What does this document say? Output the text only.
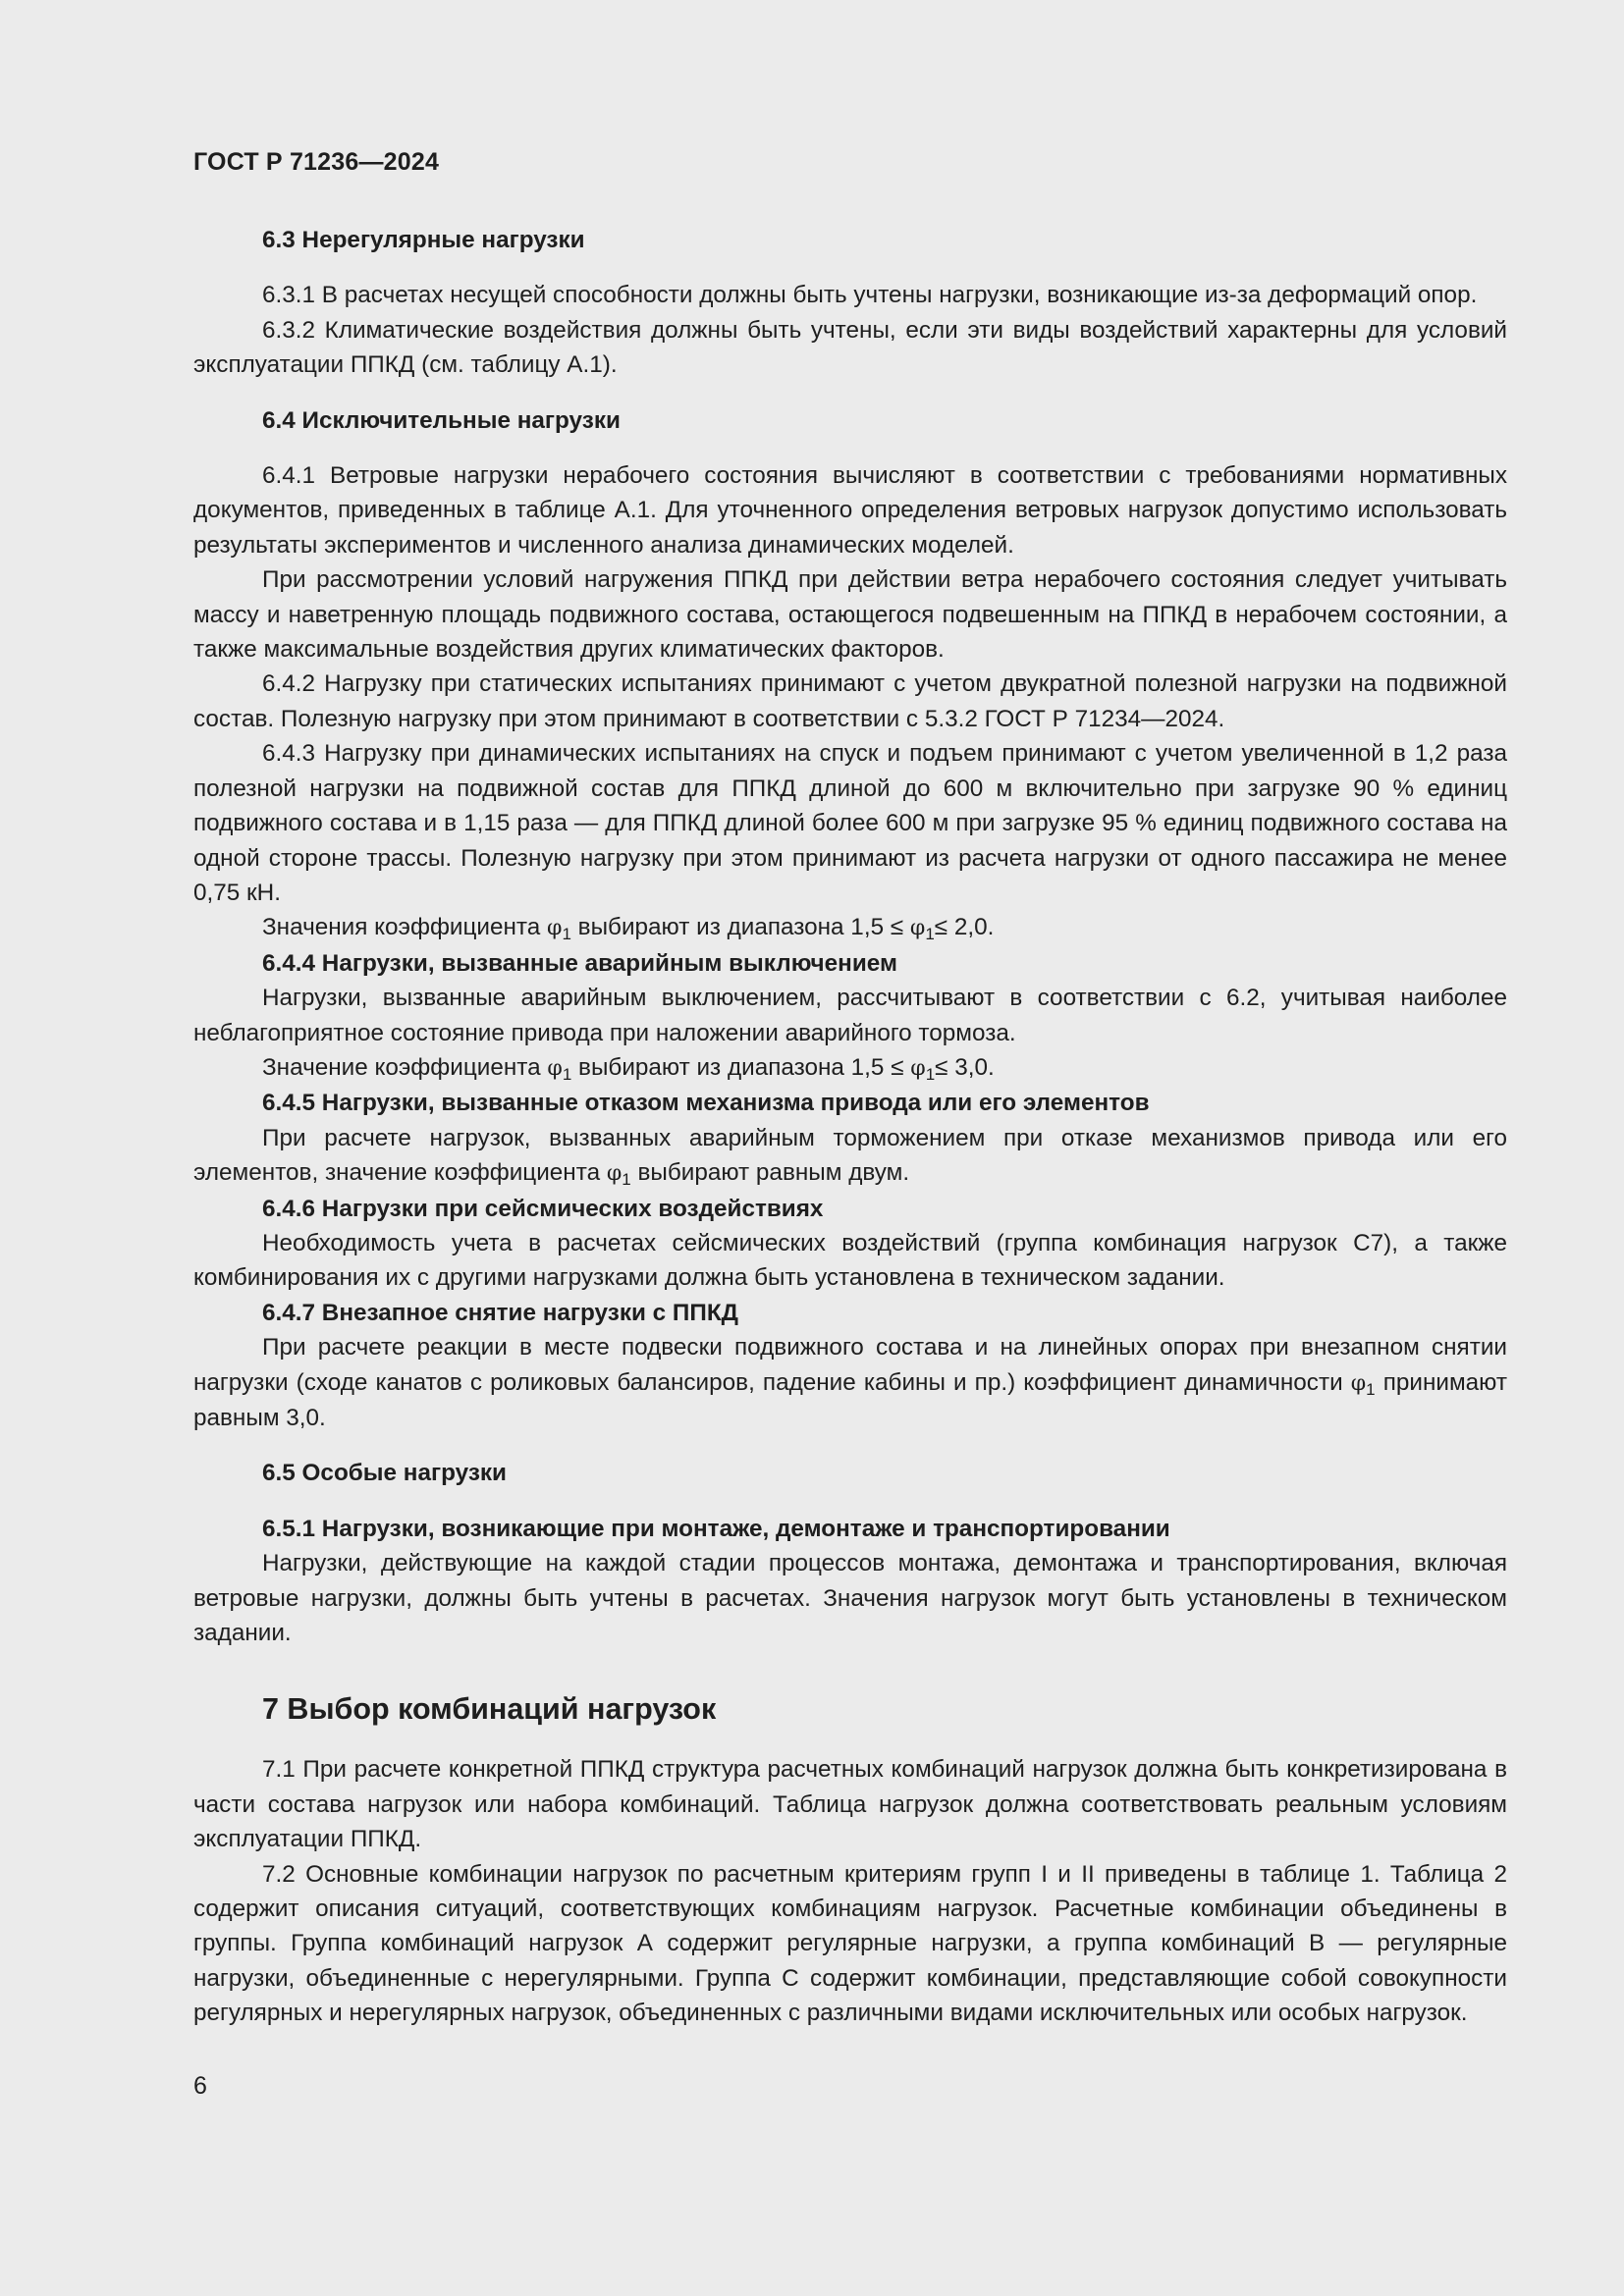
ГОСТ Р 71236—2024

6.3 Нерегулярные нагрузки

6.3.1 В расчетах несущей способности должны быть учтены нагрузки, возникающие из-за деформаций опор.

6.3.2 Климатические воздействия должны быть учтены, если эти виды воздействий характерны для условий эксплуатации ППКД (см. таблицу А.1).

6.4 Исключительные нагрузки

6.4.1 Ветровые нагрузки нерабочего состояния вычисляют в соответствии с требованиями нормативных документов, приведенных в таблице А.1. Для уточненного определения ветровых нагрузок допустимо использовать результаты экспериментов и численного анализа динамических моделей.

При рассмотрении условий нагружения ППКД при действии ветра нерабочего состояния следует учитывать массу и наветренную площадь подвижного состава, остающегося подвешенным на ППКД в нерабочем состоянии, а также максимальные воздействия других климатических факторов.

6.4.2 Нагрузку при статических испытаниях принимают с учетом двукратной полезной нагрузки на подвижной состав. Полезную нагрузку при этом принимают в соответствии с 5.3.2 ГОСТ Р 71234—2024.

6.4.3 Нагрузку при динамических испытаниях на спуск и подъем принимают с учетом увеличенной в 1,2 раза полезной нагрузки на подвижной состав для ППКД длиной до 600 м включительно при загрузке 90 % единиц подвижного состава и в 1,15 раза — для ППКД длиной более 600 м при загрузке 95 % единиц подвижного состава на одной стороне трассы. Полезную нагрузку при этом принимают из расчета нагрузки от одного пассажира не менее 0,75 кН.

Значения коэффициента $\varphi_1$ выбирают из диапазона $1,5 \le \varphi_1\le 2,0$.

6.4.4 Нагрузки, вызванные аварийным выключением

Нагрузки, вызванные аварийным выключением, рассчитывают в соответствии с 6.2, учитывая наиболее неблагоприятное состояние привода при наложении аварийного тормоза.

Значение коэффициента $\varphi_1$ выбирают из диапазона $1,5 \le \varphi_1\le 3,0$.

6.4.5 Нагрузки, вызванные отказом механизма привода или его элементов

При расчете нагрузок, вызванных аварийным торможением при отказе механизмов привода или его элементов, значение коэффициента $\varphi_1$ выбирают равным двум.

6.4.6 Нагрузки при сейсмических воздействиях

Необходимость учета в расчетах сейсмических воздействий (группа комбинация нагрузок С7), а также комбинирования их с другими нагрузками должна быть установлена в техническом задании.

6.4.7 Внезапное снятие нагрузки с ППКД

При расчете реакции в месте подвески подвижного состава и на линейных опорах при внезапном снятии нагрузки (сходе канатов с роликовых балансиров, падение кабины и пр.) коэффициент динамичности $\varphi_1$ принимают равным 3,0.

6.5 Особые нагрузки

6.5.1 Нагрузки, возникающие при монтаже, демонтаже и транспортировании

Нагрузки, действующие на каждой стадии процессов монтажа, демонтажа и транспортирования, включая ветровые нагрузки, должны быть учтены в расчетах. Значения нагрузок могут быть установлены в техническом задании.

7 Выбор комбинаций нагрузок

7.1 При расчете конкретной ППКД структура расчетных комбинаций нагрузок должна быть конкретизирована в части состава нагрузок или набора комбинаций. Таблица нагрузок должна соответствовать реальным условиям эксплуатации ППКД.

7.2 Основные комбинации нагрузок по расчетным критериям групп I и II приведены в таблице 1. Таблица 2 содержит описания ситуаций, соответствующих комбинациям нагрузок. Расчетные комбинации объединены в группы. Группа комбинаций нагрузок А содержит регулярные нагрузки, а группа комбинаций В — регулярные нагрузки, объединенные с нерегулярными. Группа С содержит комбинации, представляющие собой совокупности регулярных и нерегулярных нагрузок, объединенных с различными видами исключительных или особых нагрузок.

6
